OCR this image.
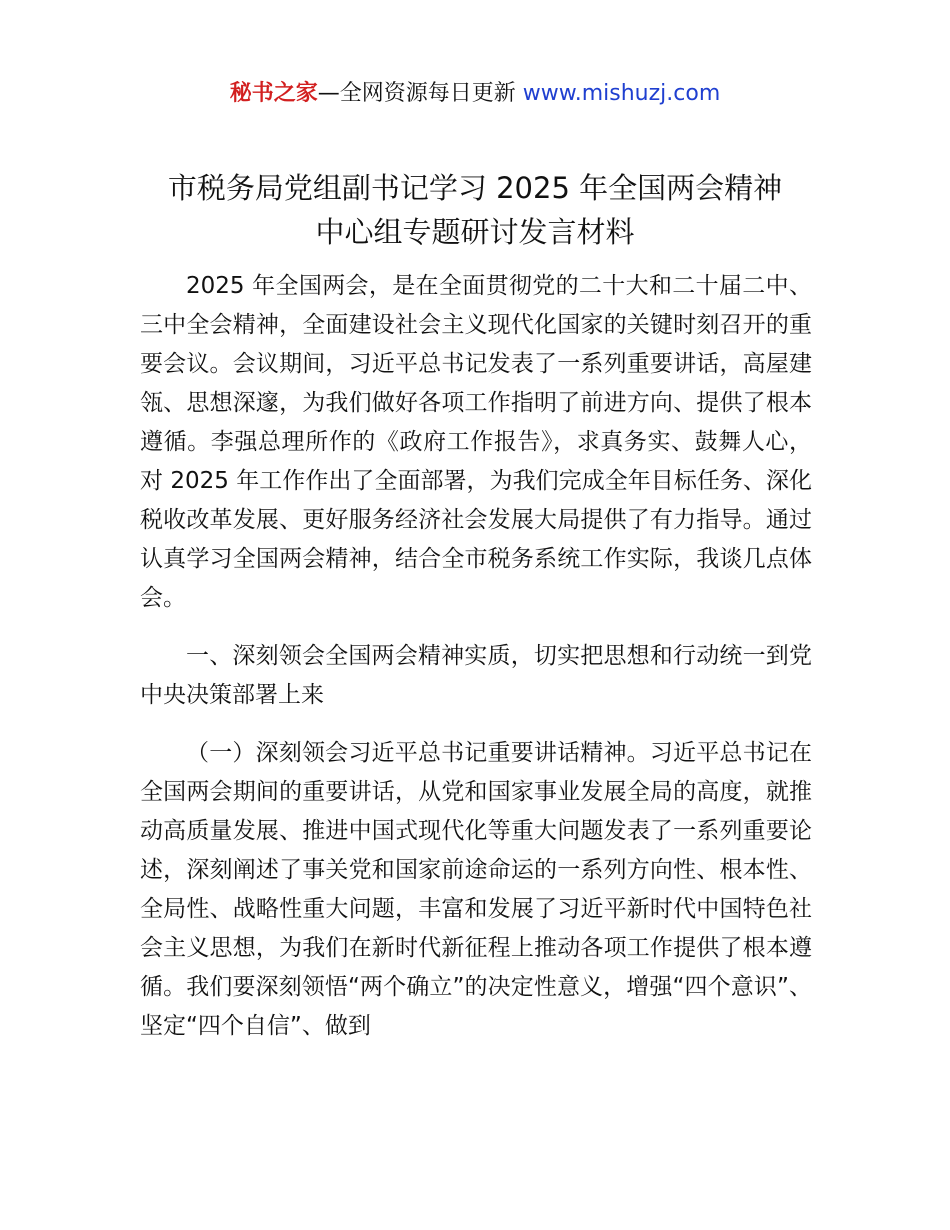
秘书之家—全网资源每日更新 www.mishuzj.com
市税务局党组副书记学习 2025 年全国两会精神
中心组专题研讨发言材料

2025 年全国两会，是在全面贯彻党的二十大和二十届二中、三中全会精神，全面建设社会主义现代化国家的关键时刻召开的重要会议。会议期间，习近平总书记发表了一系列重要讲话，高屋建瓴、思想深邃，为我们做好各项工作指明了前进方向、提供了根本遵循。李强总理所作的《政府工作报告》，求真务实、鼓舞人心，对 2025 年工作作出了全面部署，为我们完成全年目标任务、深化税收改革发展、更好服务经济社会发展大局提供了有力指导。通过认真学习全国两会精神，结合全市税务系统工作实际，我谈几点体会。

一、深刻领会全国两会精神实质，切实把思想和行动统一到党中央决策部署上来

（一）深刻领会习近平总书记重要讲话精神。习近平总书记在全国两会期间的重要讲话，从党和国家事业发展全局的高度，就推动高质量发展、推进中国式现代化等重大问题发表了一系列重要论述，深刻阐述了事关党和国家前途命运的一系列方向性、根本性、全局性、战略性重大问题，丰富和发展了习近平新时代中国特色社会主义思想，为我们在新时代新征程上推动各项工作提供了根本遵循。我们要深刻领悟“两个确立”的决定性意义，增强“四个意识”、坚定“四个自信”、做到
